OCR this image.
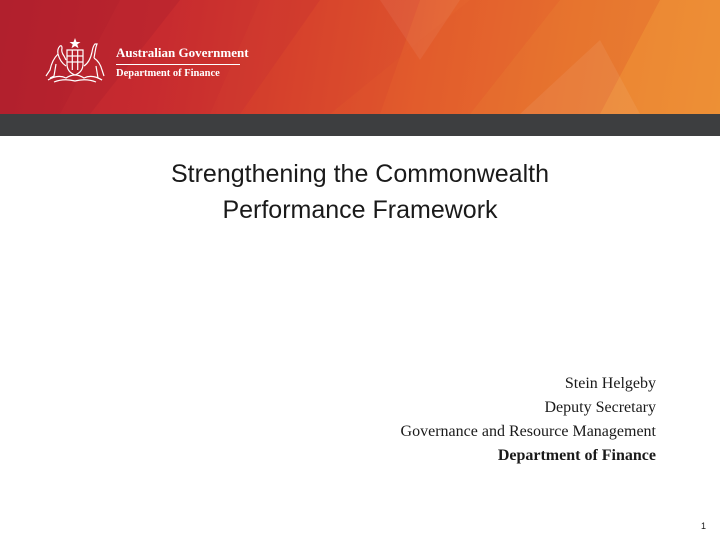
Australian Government
Department of Finance
Strengthening the Commonwealth
Performance Framework
Stein Helgeby
Deputy Secretary
Governance and Resource Management
Department of Finance
1
